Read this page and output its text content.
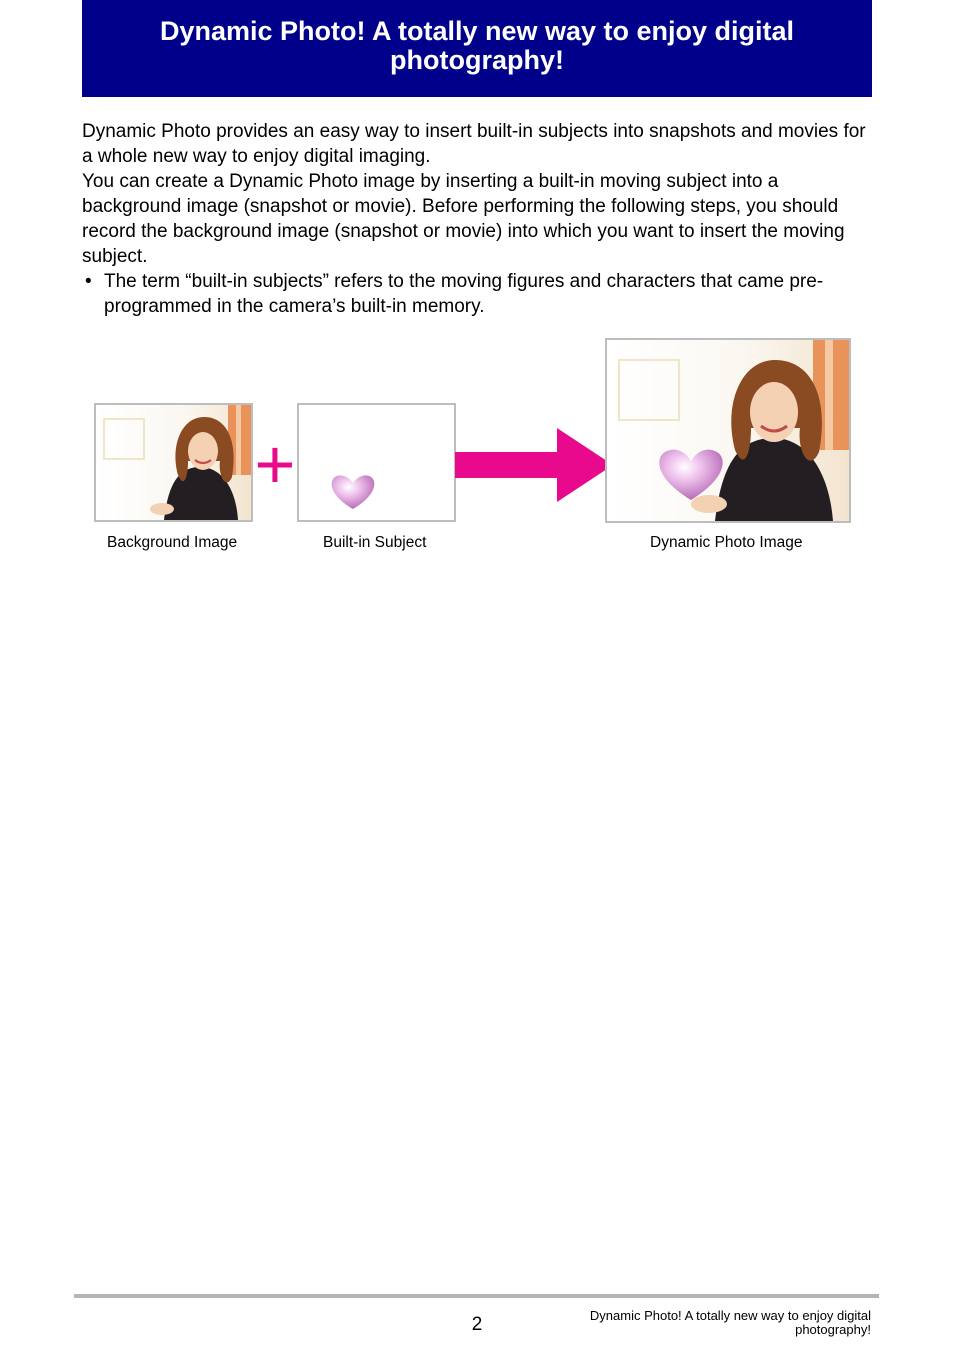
Dynamic Photo! A totally new way to enjoy digital photography!

Dynamic Photo provides an easy way to insert built-in subjects into snapshots and movies for a whole new way to enjoy digital imaging.

You can create a Dynamic Photo image by inserting a built-in moving subject into a background image (snapshot or movie). Before performing the following steps, you should record the background image (snapshot or movie) into which you want to insert the moving subject.

• The term “built-in subjects” refers to the moving figures and characters that came pre-programmed in the camera’s built-in memory.

+
Background Image	Built-in Subject	Dynamic Photo Image
2	Dynamic Photo! A totally new way to enjoy digital photography!
